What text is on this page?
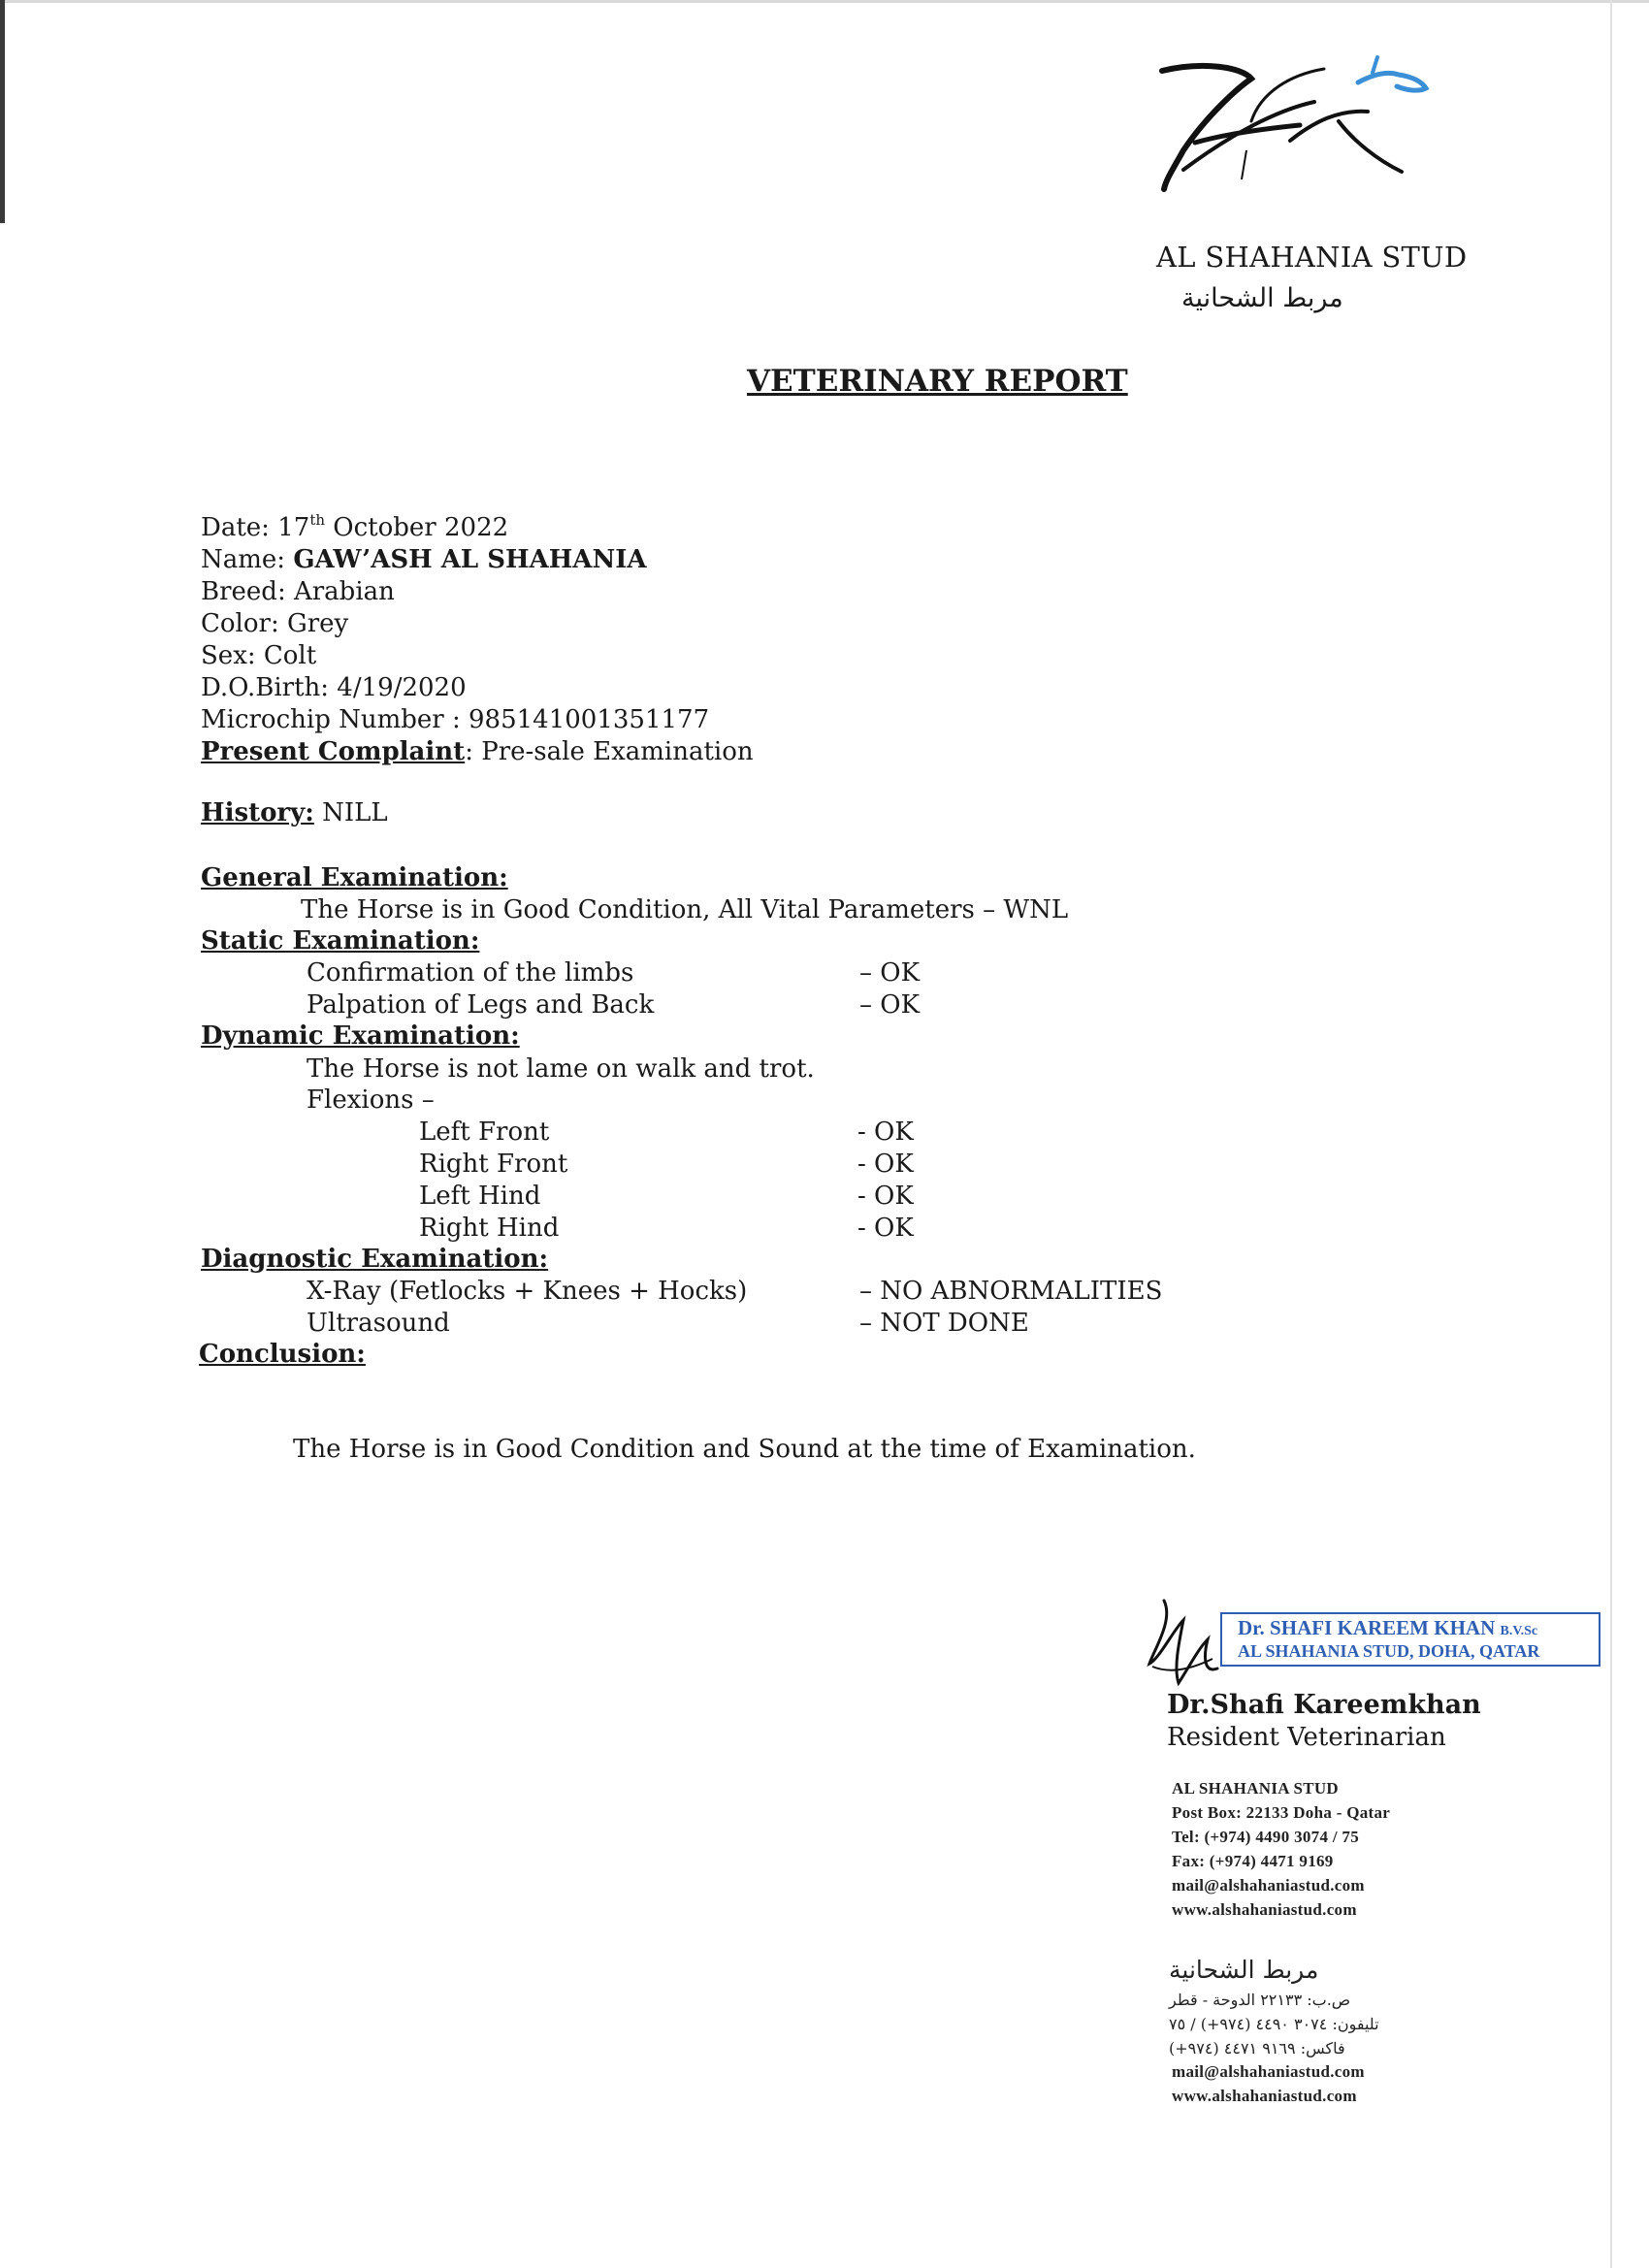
AL SHAHANIA STUD
مربط الشحانية
VETERINARY REPORT
Date: 17th October 2022
Name: GAW’ASH AL SHAHANIA
Breed: Arabian
Color: Grey
Sex: Colt
D.O.Birth: 4/19/2020
Microchip Number : 985141001351177
Present Complaint: Pre-sale Examination
History: NILL
General Examination:
The Horse is in Good Condition, All Vital Parameters – WNL
Static Examination:
Confirmation of the limbs	– OK
Palpation of Legs and Back	– OK
Dynamic Examination:
The Horse is not lame on walk and trot.
Flexions –
Left Front	- OK
Right Front	- OK
Left Hind	- OK
Right Hind	- OK
Diagnostic Examination:
X-Ray (Fetlocks + Knees + Hocks)	– NO ABNORMALITIES
Ultrasound	– NOT DONE
Conclusion:
The Horse is in Good Condition and Sound at the time of Examination.
Dr. SHAFI KAREEM KHAN B.V.Sc
AL SHAHANIA STUD, DOHA, QATAR
Dr.Shafi Kareemkhan
Resident Veterinarian
AL SHAHANIA STUD
Post Box: 22133 Doha - Qatar
Tel: (+974) 4490 3074 / 75
Fax: (+974) 4471 9169
mail@alshahaniastud.com
www.alshahaniastud.com
مربط الشحانية
ص.ب: ٢٢١٣٣ الدوحة - قطر
تليفون: ٣٠٧٤ ٤٤٩٠ (٩٧٤+) / ٧٥
فاكس: ٩١٦٩ ٤٤٧١ (٩٧٤+)
mail@alshahaniastud.com
www.alshahaniastud.com
